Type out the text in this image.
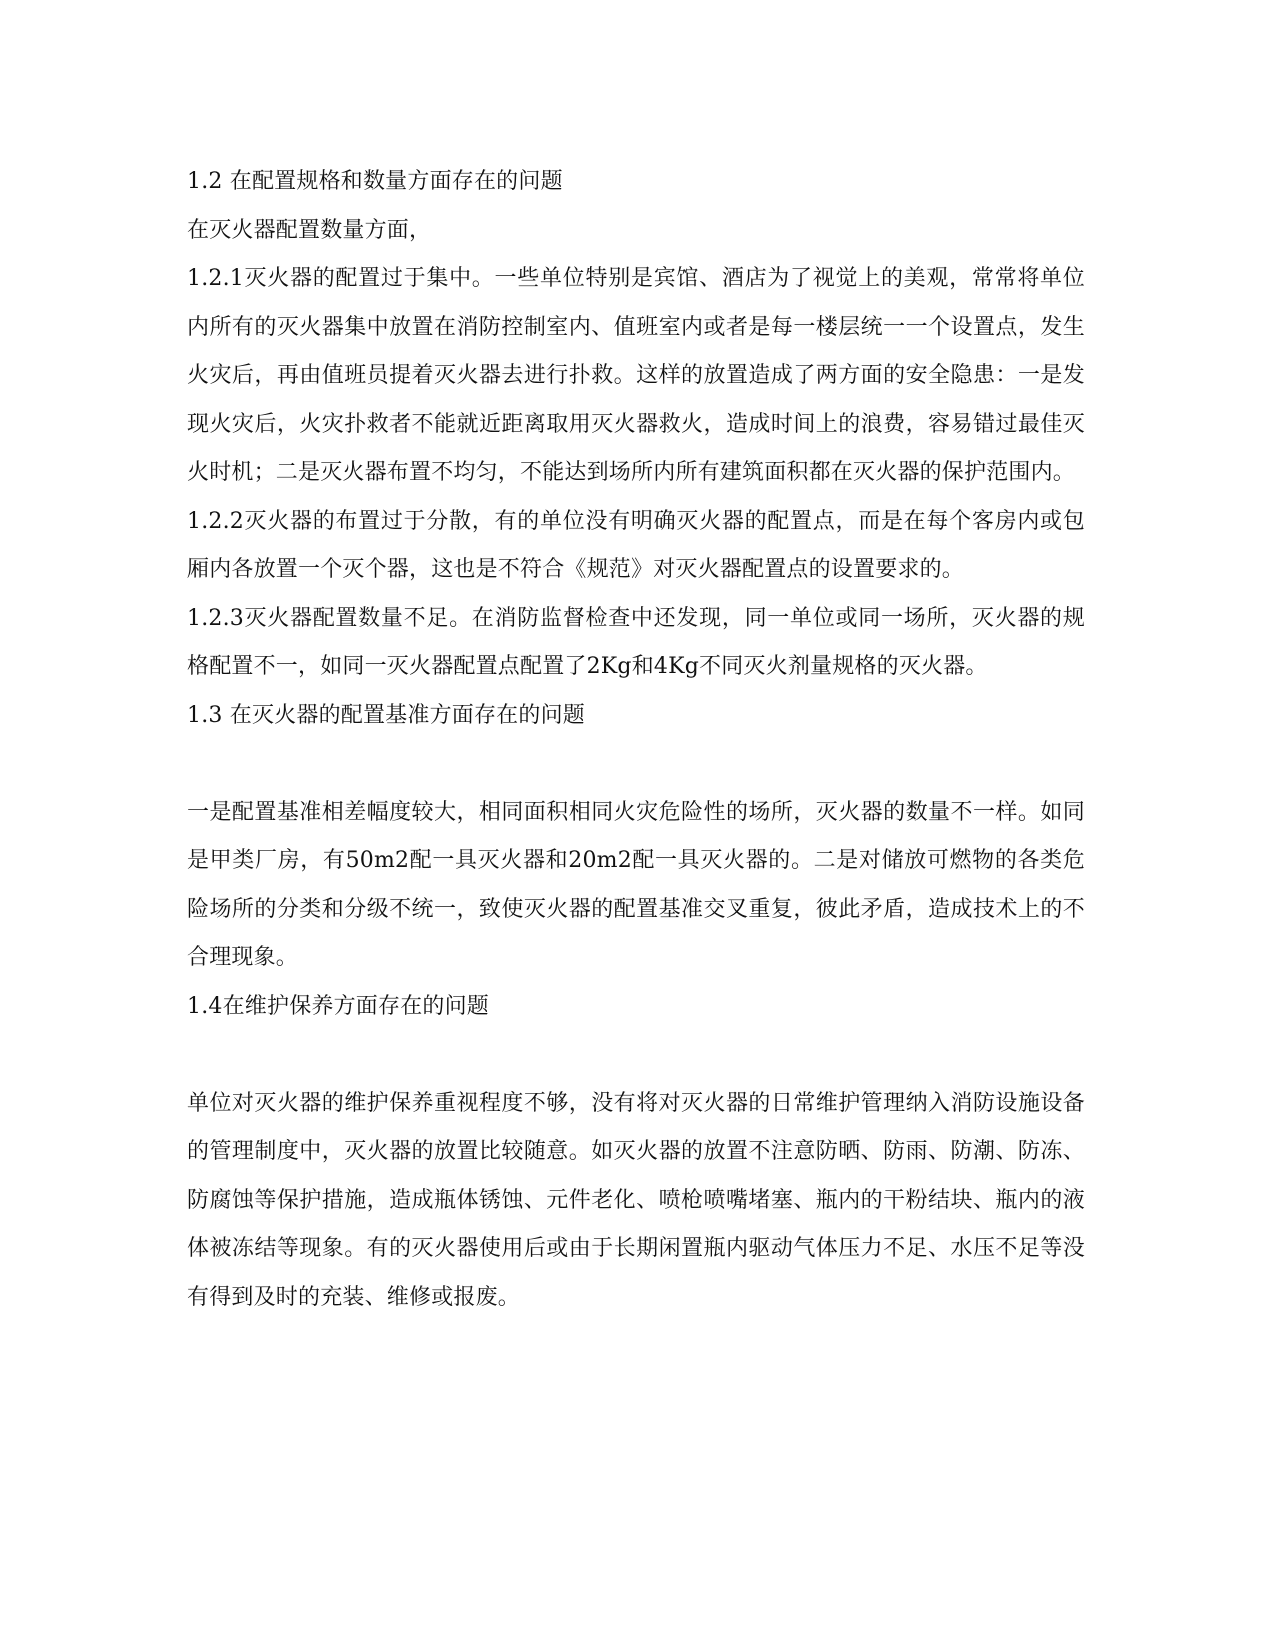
1.2 在配置规格和数量方面存在的问题

在灭火器配置数量方面，

1.2.1灭火器的配置过于集中。一些单位特别是宾馆、酒店为了视觉上的美观，常常将单位内所有的灭火器集中放置在消防控制室内、值班室内或者是每一楼层统一一个设置点，发生火灾后，再由值班员提着灭火器去进行扑救。这样的放置造成了两方面的安全隐患：一是发现火灾后，火灾扑救者不能就近距离取用灭火器救火，造成时间上的浪费，容易错过最佳灭火时机；二是灭火器布置不均匀，不能达到场所内所有建筑面积都在灭火器的保护范围内。

1.2.2灭火器的布置过于分散，有的单位没有明确灭火器的配置点，而是在每个客房内或包厢内各放置一个灭个器，这也是不符合《规范》对灭火器配置点的设置要求的。

1.2.3灭火器配置数量不足。在消防监督检查中还发现，同一单位或同一场所，灭火器的规格配置不一，如同一灭火器配置点配置了2Kg和4Kg不同灭火剂量规格的灭火器。

1.3 在灭火器的配置基准方面存在的问题

一是配置基准相差幅度较大，相同面积相同火灾危险性的场所，灭火器的数量不一样。如同是甲类厂房，有50m2配一具灭火器和20m2配一具灭火器的。二是对储放可燃物的各类危险场所的分类和分级不统一，致使灭火器的配置基准交叉重复，彼此矛盾，造成技术上的不合理现象。

1.4在维护保养方面存在的问题

单位对灭火器的维护保养重视程度不够，没有将对灭火器的日常维护管理纳入消防设施设备的管理制度中，灭火器的放置比较随意。如灭火器的放置不注意防晒、防雨、防潮、防冻、防腐蚀等保护措施，造成瓶体锈蚀、元件老化、喷枪喷嘴堵塞、瓶内的干粉结块、瓶内的液体被冻结等现象。有的灭火器使用后或由于长期闲置瓶内驱动气体压力不足、水压不足等没有得到及时的充装、维修或报废。
